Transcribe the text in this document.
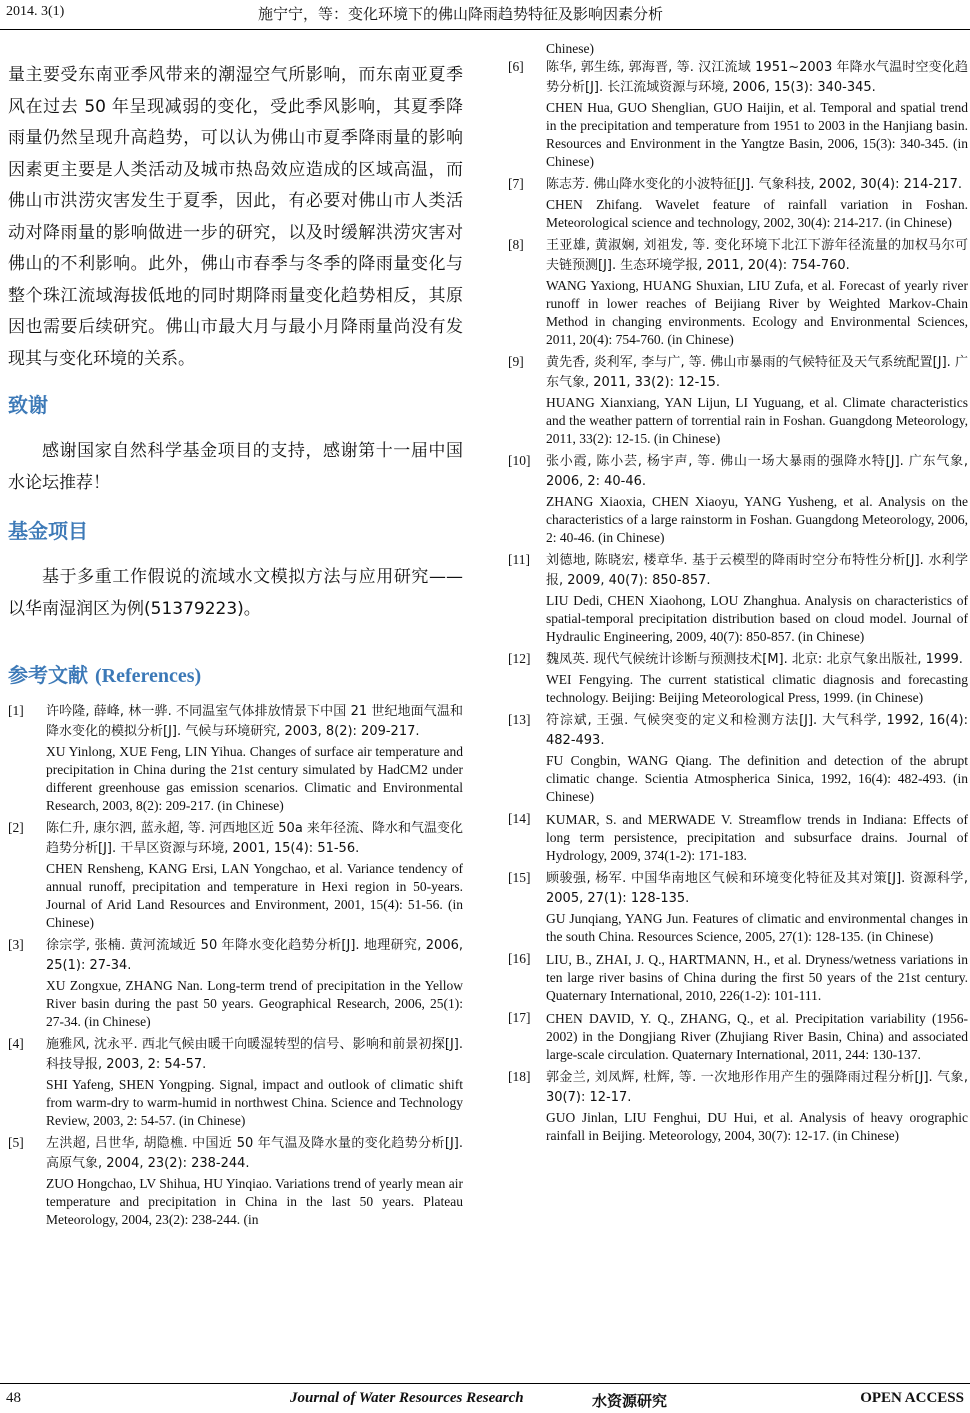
2014. 3(1)	施宁宁，等：变化环境下的佛山降雨趋势特征及影响因素分析

量主要受东南亚季风带来的潮湿空气所影响，而东南亚夏季风在过去 50 年呈现减弱的变化，受此季风影响，其夏季降雨量仍然呈现升高趋势，可以认为佛山市夏季降雨量的影响因素更主要是人类活动及城市热岛效应造成的区域高温，而佛山市洪涝灾害发生于夏季，因此，有必要对佛山市人类活动对降雨量的影响做进一步的研究，以及时缓解洪涝灾害对佛山的不利影响。此外，佛山市春季与冬季的降雨量变化与整个珠江流域海拔低地的同时期降雨量变化趋势相反，其原因也需要后续研究。佛山市最大月与最小月降雨量尚没有发现其与变化环境的关系。

致谢

感谢国家自然科学基金项目的支持，感谢第十一届中国水论坛推荐！

基金项目

基于多重工作假说的流域水文模拟方法与应用研究——以华南湿润区为例(51379223)。

参考文献 (References)
[1]	许吟隆, 薛峰, 林一骅. 不同温室气体排放情景下中国 21 世纪地面气温和降水变化的模拟分析[J]. 气候与环境研究, 2003, 8(2): 209-217.
XU Yinlong, XUE Feng, LIN Yihua. Changes of surface air temperature and precipitation in China during the 21st century simulated by HadCM2 under different greenhouse gas emission scenarios. Climatic and Environmental Research, 2003, 8(2): 209-217. (in Chinese)
[2]	陈仁升, 康尔泗, 蓝永超, 等. 河西地区近 50a 来年径流、降水和气温变化趋势分析[J]. 干旱区资源与环境, 2001, 15(4): 51-56.
CHEN Rensheng, KANG Ersi, LAN Yongchao, et al. Variance tendency of annual runoff, precipitation and temperature in Hexi region in 50-years. Journal of Arid Land Resources and Environment, 2001, 15(4): 51-56. (in Chinese)
[3]	徐宗学, 张楠. 黄河流域近 50 年降水变化趋势分析[J]. 地理研究, 2006, 25(1): 27-34.
XU Zongxue, ZHANG Nan. Long-term trend of precipitation in the Yellow River basin during the past 50 years. Geographical Research, 2006, 25(1): 27-34. (in Chinese)
[4]	施雅风, 沈永平. 西北气候由暖干向暖湿转型的信号、影响和前景初探[J]. 科技导报, 2003, 2: 54-57.
SHI Yafeng, SHEN Yongping. Signal, impact and outlook of climatic shift from warm-dry to warm-humid in northwest China. Science and Technology Review, 2003, 2: 54-57. (in Chinese)
[5]	左洪超, 吕世华, 胡隐樵. 中国近 50 年气温及降水量的变化趋势分析[J]. 高原气象, 2004, 23(2): 238-244.
ZUO Hongchao, LV Shihua, HU Yinqiao. Variations trend of yearly mean air temperature and precipitation in China in the last 50 years. Plateau Meteorology, 2004, 23(2): 238-244. (in
Chinese)
[6]	陈华, 郭生练, 郭海晋, 等. 汉江流域 1951~2003 年降水气温时空变化趋势分析[J]. 长江流域资源与环境, 2006, 15(3): 340-345.
CHEN Hua, GUO Shenglian, GUO Haijin, et al. Temporal and spatial trend in the precipitation and temperature from 1951 to 2003 in the Hanjiang basin. Resources and Environment in the Yangtze Basin, 2006, 15(3): 340-345. (in Chinese)
[7]	陈志芳. 佛山降水变化的小波特征[J]. 气象科技, 2002, 30(4): 214-217.
CHEN Zhifang. Wavelet feature of rainfall variation in Foshan. Meteorological science and technology, 2002, 30(4): 214-217. (in Chinese)
[8]	王亚雄, 黄淑娴, 刘祖发, 等. 变化环境下北江下游年径流量的加权马尔可夫链预测[J]. 生态环境学报, 2011, 20(4): 754-760.
WANG Yaxiong, HUANG Shuxian, LIU Zufa, et al. Forecast of yearly river runoff in lower reaches of Beijiang River by Weighted Markov-Chain Method in changing environments. Ecology and Environmental Sciences, 2011, 20(4): 754-760. (in Chinese)
[9]	黄先香, 炎利军, 李与广, 等. 佛山市暴雨的气候特征及天气系统配置[J]. 广东气象, 2011, 33(2): 12-15.
HUANG Xianxiang, YAN Lijun, LI Yuguang, et al. Climate characteristics and the weather pattern of torrential rain in Foshan. Guangdong Meteorology, 2011, 33(2): 12-15. (in Chinese)
[10]	张小霞, 陈小芸, 杨宇声, 等. 佛山一场大暴雨的强降水特[J]. 广东气象, 2006, 2: 40-46.
ZHANG Xiaoxia, CHEN Xiaoyu, YANG Yusheng, et al. Analysis on the characteristics of a large rainstorm in Foshan. Guangdong Meteorology, 2006, 2: 40-46. (in Chinese)
[11]	刘德地, 陈晓宏, 楼章华. 基于云模型的降雨时空分布特性分析[J]. 水利学报, 2009, 40(7): 850-857.
LIU Dedi, CHEN Xiaohong, LOU Zhanghua. Analysis on characteristics of spatial-temporal precipitation distribution based on cloud model. Journal of Hydraulic Engineering, 2009, 40(7): 850-857. (in Chinese)
[12]	魏凤英. 现代气候统计诊断与预测技术[M]. 北京: 北京气象出版社, 1999.
WEI Fengying. The current statistical climatic diagnosis and forecasting technology. Beijing: Beijing Meteorological Press, 1999. (in Chinese)
[13]	符淙斌, 王强. 气候突变的定义和检测方法[J]. 大气科学, 1992, 16(4): 482-493.
FU Congbin, WANG Qiang. The definition and detection of the abrupt climatic change. Scientia Atmospherica Sinica, 1992, 16(4): 482-493. (in Chinese)
[14]	KUMAR, S. and MERWADE V. Streamflow trends in Indiana: Effects of long term persistence, precipitation and subsurface drains. Journal of Hydrology, 2009, 374(1-2): 171-183.
[15]	顾骏强, 杨军. 中国华南地区气候和环境变化特征及其对策[J]. 资源科学, 2005, 27(1): 128-135.
GU Junqiang, YANG Jun. Features of climatic and environmental changes in the south China. Resources Science, 2005, 27(1): 128-135. (in Chinese)
[16]	LIU, B., ZHAI, J. Q., HARTMANN, H., et al. Dryness/wetness variations in ten large river basins of China during the first 50 years of the 21st century. Quaternary International, 2010, 226(1-2): 101-111.
[17]	CHEN DAVID, Y. Q., ZHANG, Q., et al. Precipitation variability (1956-2002) in the Dongjiang River (Zhujiang River Basin, China) and associated large-scale circulation. Quaternary International, 2011, 244: 130-137.
[18]	郭金兰, 刘凤辉, 杜辉, 等. 一次地形作用产生的强降雨过程分析[J]. 气象, 30(7): 12-17.
GUO Jinlan, LIU Fenghui, DU Hui, et al. Analysis of heavy orographic rainfall in Beijing. Meteorology, 2004, 30(7): 12-17. (in Chinese)
48	Journal of Water Resources Research	水资源研究	OPEN ACCESS
